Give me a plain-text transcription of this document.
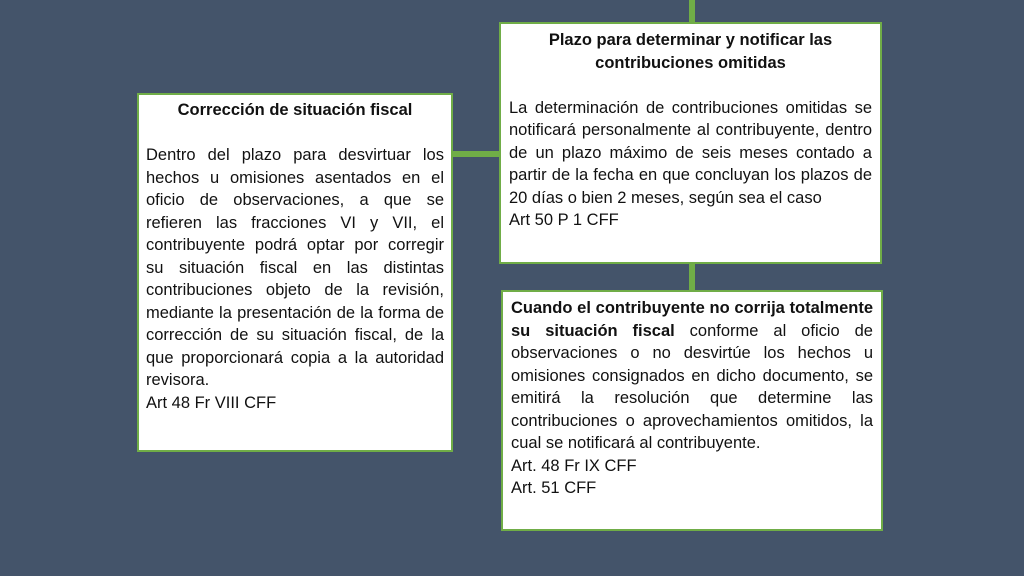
Corrección de situación fiscal

Dentro del plazo para desvirtuar los hechos u omisiones asentados en el oficio de observaciones, a que se refieren las fracciones VI y VII, el contribuyente podrá optar por corregir su situación fiscal en las distintas contribuciones objeto de la revisión, mediante la presentación de la forma de corrección de su situación fiscal, de la que proporcionará copia a la autoridad revisora.

Art 48 Fr VIII CFF

Plazo para determinar y notificar las contribuciones omitidas

La determinación de contribuciones omitidas se notificará personalmente al contribuyente, dentro de un plazo máximo de seis meses contado a partir de la fecha en que concluyan los plazos de 20 días o bien 2 meses, según sea el caso

Art 50 P 1 CFF

Cuando el contribuyente no corrija totalmente su situación fiscal conforme al oficio de observaciones o no desvirtúe los hechos u omisiones consignados en dicho documento, se emitirá la resolución que determine las contribuciones o aprovechamientos omitidos, la cual se notificará al contribuyente.

Art. 48 Fr IX CFF

Art. 51 CFF
